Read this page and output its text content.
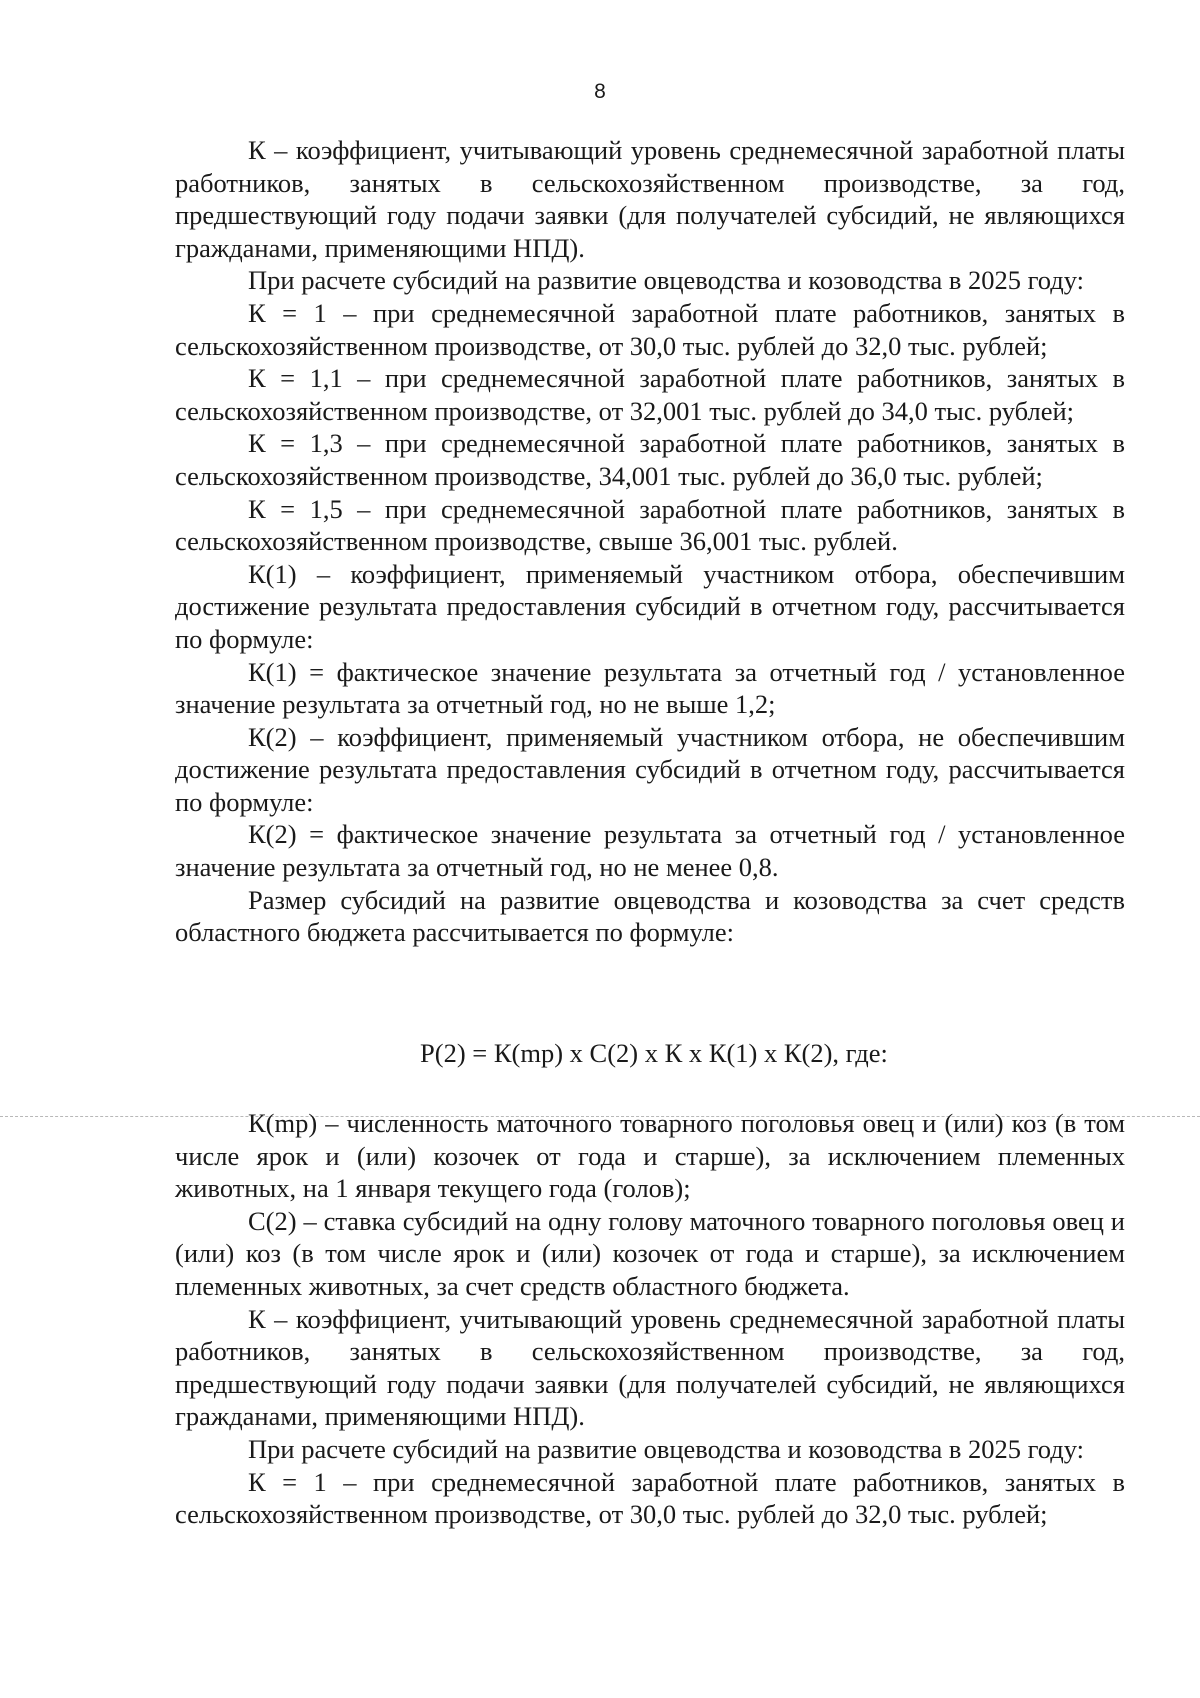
8

К – коэффициент, учитывающий уровень среднемесячной заработной платы работников, занятых в сельскохозяйственном производстве, за год, предшествующий году подачи заявки (для получателей субсидий, не являющихся гражданами, применяющими НПД).

При расчете субсидий на развитие овцеводства и козоводства в 2025 году:

К = 1 – при среднемесячной заработной плате работников, занятых в сельскохозяйственном производстве, от 30,0 тыс. рублей до 32,0 тыс. рублей;

К = 1,1 – при среднемесячной заработной плате работников, занятых в сельскохозяйственном производстве, от 32,001 тыс. рублей до 34,0 тыс. рублей;

К = 1,3 – при среднемесячной заработной плате работников, занятых в сельскохозяйственном производстве, 34,001 тыс. рублей до 36,0 тыс. рублей;

К = 1,5 – при среднемесячной заработной плате работников, занятых в сельскохозяйственном производстве, свыше 36,001 тыс. рублей.

К(1) – коэффициент, применяемый участником отбора, обеспечившим достижение результата предоставления субсидий в отчетном году, рассчитывается по формуле:

К(1) = фактическое значение результата за отчетный год / установленное значение результата за отчетный год, но не выше 1,2;

К(2) – коэффициент, применяемый участником отбора, не обеспечившим достижение результата предоставления субсидий в отчетном году, рассчитывается по формуле:

К(2) = фактическое значение результата за отчетный год / установленное значение результата за отчетный год, но не менее 0,8.

Размер субсидий на развитие овцеводства и козоводства за счет средств областного бюджета рассчитывается по формуле:

Р(2) = К(mp) x С(2) x К x К(1) x К(2), где:

К(mp) – численность маточного товарного поголовья овец и (или) коз (в том числе ярок и (или) козочек от года и старше), за исключением племенных животных, на 1 января текущего года (голов);

С(2) – ставка субсидий на одну голову маточного товарного поголовья овец и (или) коз (в том числе ярок и (или) козочек от года и старше), за исключением племенных животных, за счет средств областного бюджета.

К – коэффициент, учитывающий уровень среднемесячной заработной платы работников, занятых в сельскохозяйственном производстве, за год, предшествующий году подачи заявки (для получателей субсидий, не являющихся гражданами, применяющими НПД).

При расчете субсидий на развитие овцеводства и козоводства в 2025 году:

К = 1 – при среднемесячной заработной плате работников, занятых в сельскохозяйственном производстве, от 30,0 тыс. рублей до 32,0 тыс. рублей;
